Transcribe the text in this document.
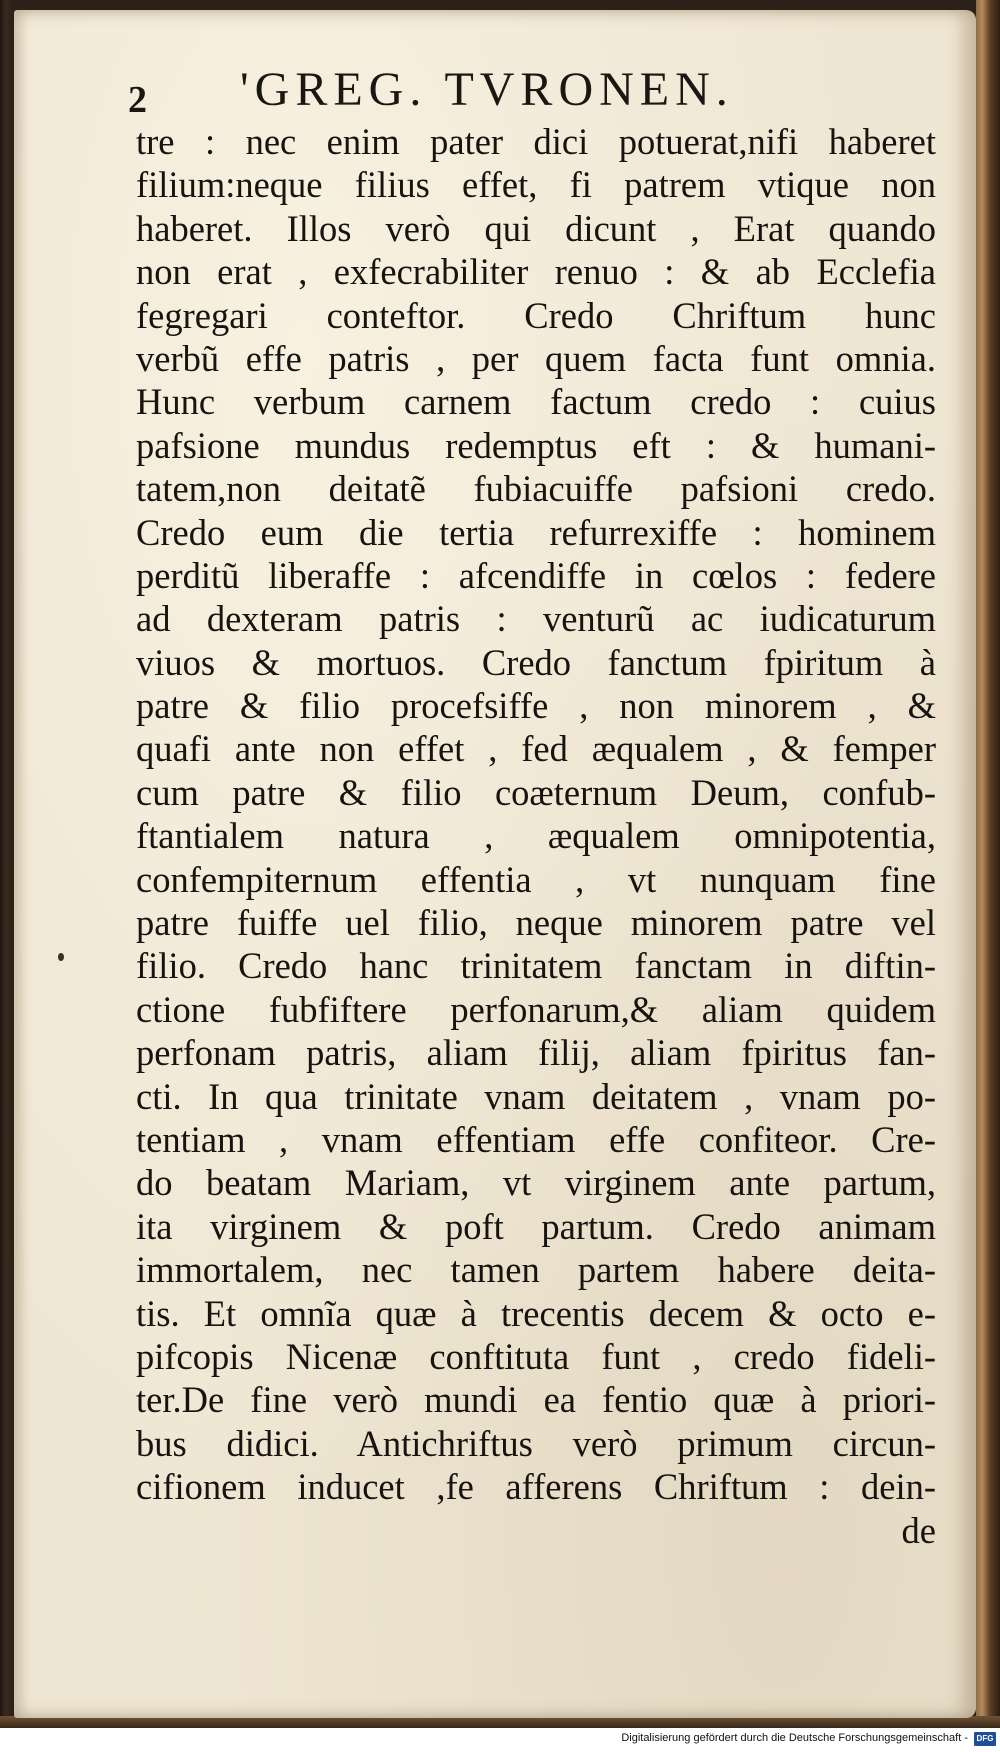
2 'GREG. TVRONEN.
tre : nec enim pater dici potuerat,nifi haberet
filium:neque filius effet, fi patrem vtique non
haberet. Illos verò qui dicunt , Erat quando
non erat , exfecrabiliter renuo : & ab Ecclefia
fegregari conteftor. Credo Chriftum hunc
verbũ effe patris , per quem facta funt omnia.
Hunc verbum carnem factum credo : cuius
pafsione mundus redemptus eft : & humani-
tatem,non deitatẽ fubiacuiffe pafsioni credo.
Credo eum die tertia refurrexiffe : hominem
perditũ liberaffe : afcendiffe in cœlos : federe
ad dexteram patris : venturũ ac iudicaturum
viuos & mortuos. Credo fanctum fpiritum à
patre & filio procefsiffe , non minorem , &
quafi ante non effet , fed æqualem , & femper
cum patre & filio coæternum Deum, confub-
ftantialem natura , æqualem omnipotentia,
confempiternum effentia , vt nunquam fine
patre fuiffe uel filio, neque minorem patre vel
filio. Credo hanc trinitatem fanctam in diftin-
ctione fubfiftere perfonarum,& aliam quidem
perfonam patris, aliam filij, aliam fpiritus fan-
cti. In qua trinitate vnam deitatem , vnam po-
tentiam , vnam effentiam effe confiteor. Cre-
do beatam Mariam, vt virginem ante partum,
ita virginem & poft partum. Credo animam
immortalem, nec tamen partem habere deita-
tis. Et omnĩa quæ à trecentis decem & octo e-
pifcopis Nicenæ conftituta funt , credo fideli-
ter.De fine verò mundi ea fentio quæ à priori-
bus didici. Antichriftus verò primum circun-
cifionem inducet ,fe afferens Chriftum : dein-
de
Digitalisierung gefördert durch die Deutsche Forschungsgemeinschaft -	DFG
